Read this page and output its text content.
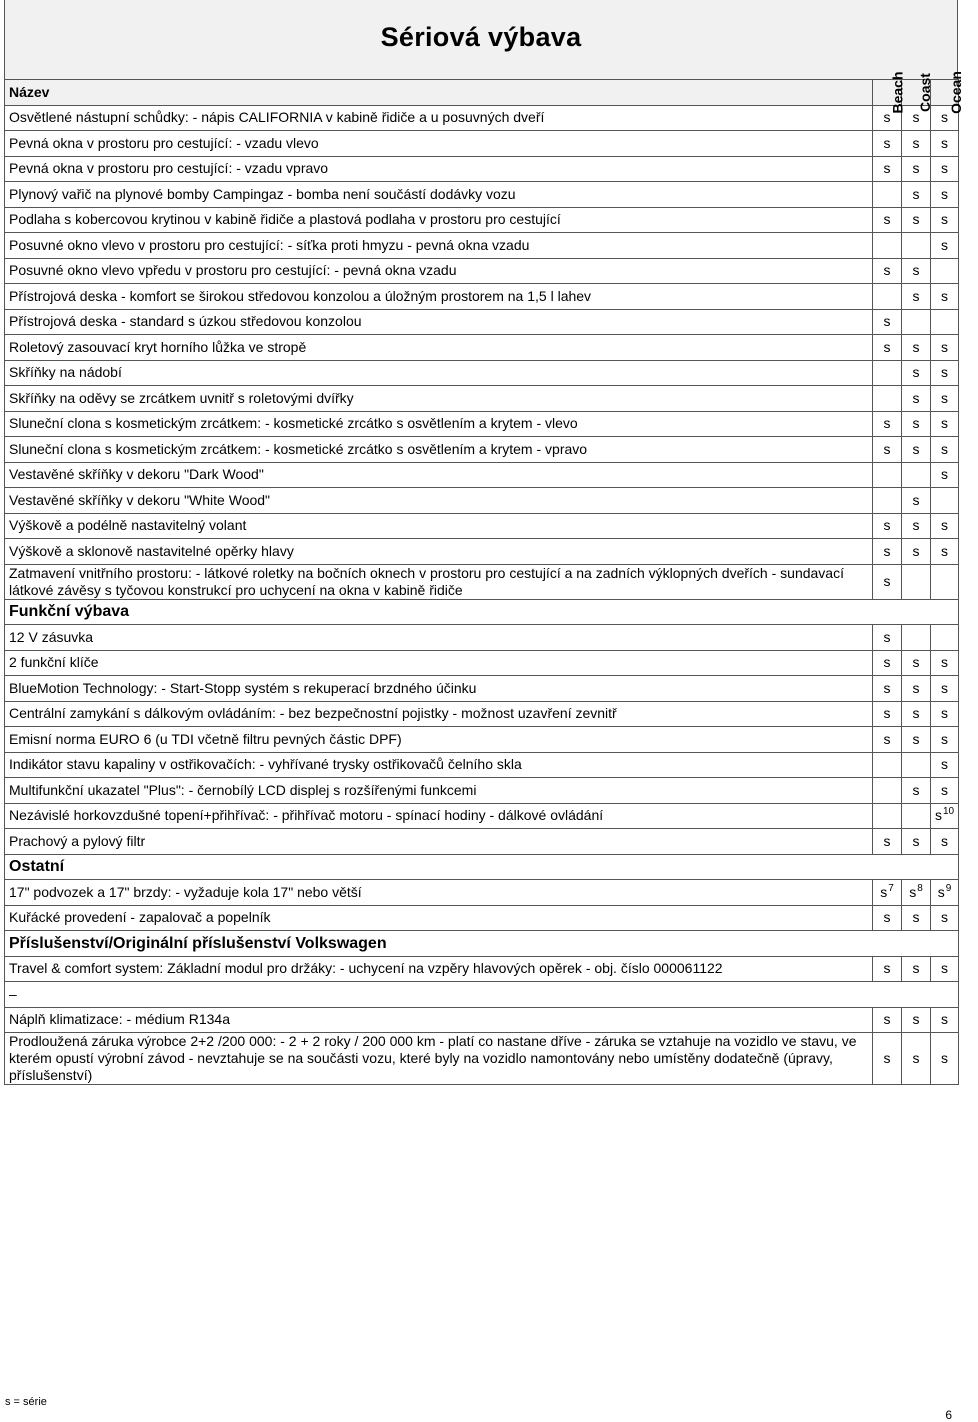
Sériová výbava
Název	Beach	Coast	Ocean
Osvětlené nástupní schůdky: - nápis CALIFORNIA v kabině řidiče a u posuvných dveří	s	s	s
Pevná okna v prostoru pro cestující: - vzadu vlevo	s	s	s
Pevná okna v prostoru pro cestující: - vzadu vpravo	s	s	s
Plynový vařič na plynové bomby Campingaz - bomba není součástí dodávky vozu		s	s
Podlaha s kobercovou krytinou v kabině řidiče a plastová podlaha v prostoru pro cestující	s	s	s
Posuvné okno vlevo v prostoru pro cestující: - síťka proti hmyzu - pevná okna vzadu			s
Posuvné okno vlevo vpředu v prostoru pro cestující: - pevná okna vzadu	s	s	
Přístrojová deska - komfort se širokou středovou konzolou a úložným prostorem na 1,5 l lahev		s	s
Přístrojová deska - standard s úzkou středovou konzolou	s		
Roletový zasouvací kryt horního lůžka ve stropě	s	s	s
Skříňky na nádobí		s	s
Skříňky na oděvy se zrcátkem uvnitř s roletovými dvířky		s	s
Sluneční clona s kosmetickým zrcátkem: - kosmetické zrcátko s osvětlením a krytem - vlevo	s	s	s
Sluneční clona s kosmetickým zrcátkem: - kosmetické zrcátko s osvětlením a krytem - vpravo	s	s	s
Vestavěné skříňky v dekoru "Dark Wood"			s
Vestavěné skříňky v dekoru "White Wood"		s	
Výškově a podélně nastavitelný volant	s	s	s
Výškově a sklonově nastavitelné opěrky hlavy	s	s	s
Zatmavení vnitřního prostoru: - látkové roletky na bočních oknech v prostoru pro cestující a na zadních výklopných dveřích - sundavací látkové závěsy s tyčovou konstrukcí pro uchycení na okna v kabině řidiče	s		
Funkční výbava			
12 V zásuvka	s		
2 funkční klíče	s	s	s
BlueMotion Technology: - Start-Stopp systém s rekuperací brzdného účinku	s	s	s
Centrální zamykání s dálkovým ovládáním: - bez bezpečnostní pojistky - možnost uzavření zevnitř	s	s	s
Emisní norma EURO 6 (u TDI včetně filtru pevných částic DPF)	s	s	s
Indikátor stavu kapaliny v ostřikovačích: - vyhřívané trysky ostřikovačů čelního skla			s
Multifunkční ukazatel "Plus": - černobílý LCD displej s rozšířenými funkcemi		s	s
Nezávislé horkovzdušné topení+přihřívač: - přihřívač motoru - spínací hodiny - dálkové ovládání			$s^{10}$
Prachový a pylový filtr	s	s	s
Ostatní			
17" podvozek a 17" brzdy: - vyžaduje kola 17" nebo větší	$s^7$	$s^8$	$s^9$
Kuřácké provedení - zapalovač a popelník	s	s	s
Příslušenství/Originální příslušenství Volkswagen			
Travel & comfort system: Základní modul pro držáky: - uchycení na vzpěry hlavových opěrek - obj. číslo 000061122	s	s	s
–			
Náplň klimatizace: - médium R134a	s	s	s
Prodloužená záruka výrobce 2+2 /200 000: - 2 + 2 roky / 200 000 km - platí co nastane dříve - záruka se vztahuje na vozidlo ve stavu, ve kterém opustí výrobní závod - nevztahuje se na součásti vozu, které byly na vozidlo namontovány nebo umístěny dodatečně (úpravy, příslušenství)	s	s	s
s = série
6
